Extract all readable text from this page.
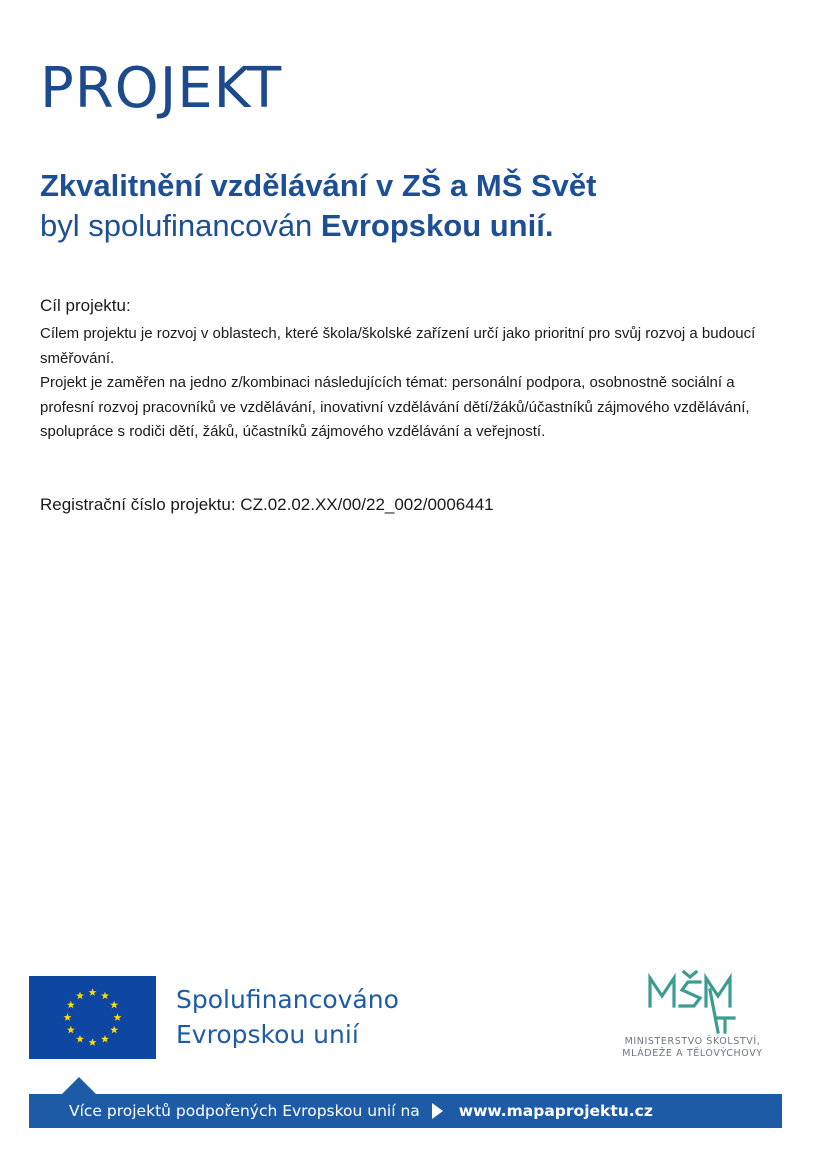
PROJEKT
Zkvalitnění vzdělávání v ZŠ a MŠ Svět
byl spolufinancován Evropskou unií.
Cíl projektu:

Cílem projektu je rozvoj v oblastech, které škola/školské zařízení určí jako prioritní pro svůj rozvoj a budoucí směřování.

Projekt je zaměřen na jedno z/kombinaci následujících témat: personální podpora, osobnostně sociální a profesní rozvoj pracovníků ve vzdělávání, inovativní vzdělávání dětí/žáků/účastníků zájmového vzdělávání, spolupráce s rodiči dětí, žáků, účastníků zájmového vzdělávání a veřejností.

Registrační číslo projektu: CZ.02.02.XX/00/22_002/0006441
Spolufinancováno
Evropskou unií	MINISTERSTVO ŠKOLSTVÍ,
MLÁDEŽE A TĚLOVÝCHOVY
Více projektů podpořených Evropskou unií na	www.mapaprojektu.cz
